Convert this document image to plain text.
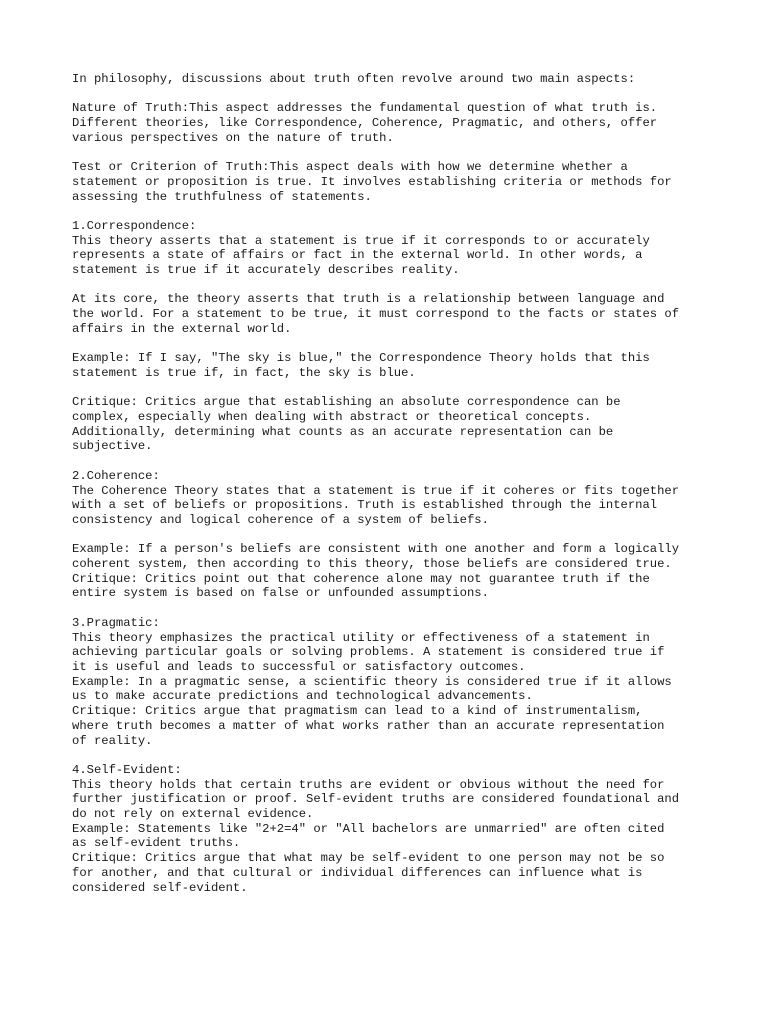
In philosophy, discussions about truth often revolve around two main aspects:
Nature of Truth:This aspect addresses the fundamental question of what truth is.
Different theories, like Correspondence, Coherence, Pragmatic, and others, offer
various perspectives on the nature of truth.
Test or Criterion of Truth:This aspect deals with how we determine whether a
statement or proposition is true. It involves establishing criteria or methods for
assessing the truthfulness of statements.
1.Correspondence:
This theory asserts that a statement is true if it corresponds to or accurately
represents a state of affairs or fact in the external world. In other words, a
statement is true if it accurately describes reality.
At its core, the theory asserts that truth is a relationship between language and
the world. For a statement to be true, it must correspond to the facts or states of
affairs in the external world.
Example: If I say, "The sky is blue," the Correspondence Theory holds that this
statement is true if, in fact, the sky is blue.
Critique: Critics argue that establishing an absolute correspondence can be
complex, especially when dealing with abstract or theoretical concepts.
Additionally, determining what counts as an accurate representation can be
subjective.
2.Coherence:
The Coherence Theory states that a statement is true if it coheres or fits together
with a set of beliefs or propositions. Truth is established through the internal
consistency and logical coherence of a system of beliefs.
Example: If a person's beliefs are consistent with one another and form a logically
coherent system, then according to this theory, those beliefs are considered true.
Critique: Critics point out that coherence alone may not guarantee truth if the
entire system is based on false or unfounded assumptions.
3.Pragmatic:
This theory emphasizes the practical utility or effectiveness of a statement in
achieving particular goals or solving problems. A statement is considered true if
it is useful and leads to successful or satisfactory outcomes.
Example: In a pragmatic sense, a scientific theory is considered true if it allows
us to make accurate predictions and technological advancements.
Critique: Critics argue that pragmatism can lead to a kind of instrumentalism,
where truth becomes a matter of what works rather than an accurate representation
of reality.
4.Self-Evident:
This theory holds that certain truths are evident or obvious without the need for
further justification or proof. Self-evident truths are considered foundational and
do not rely on external evidence.
Example: Statements like "2+2=4" or "All bachelors are unmarried" are often cited
as self-evident truths.
Critique: Critics argue that what may be self-evident to one person may not be so
for another, and that cultural or individual differences can influence what is
considered self-evident.
